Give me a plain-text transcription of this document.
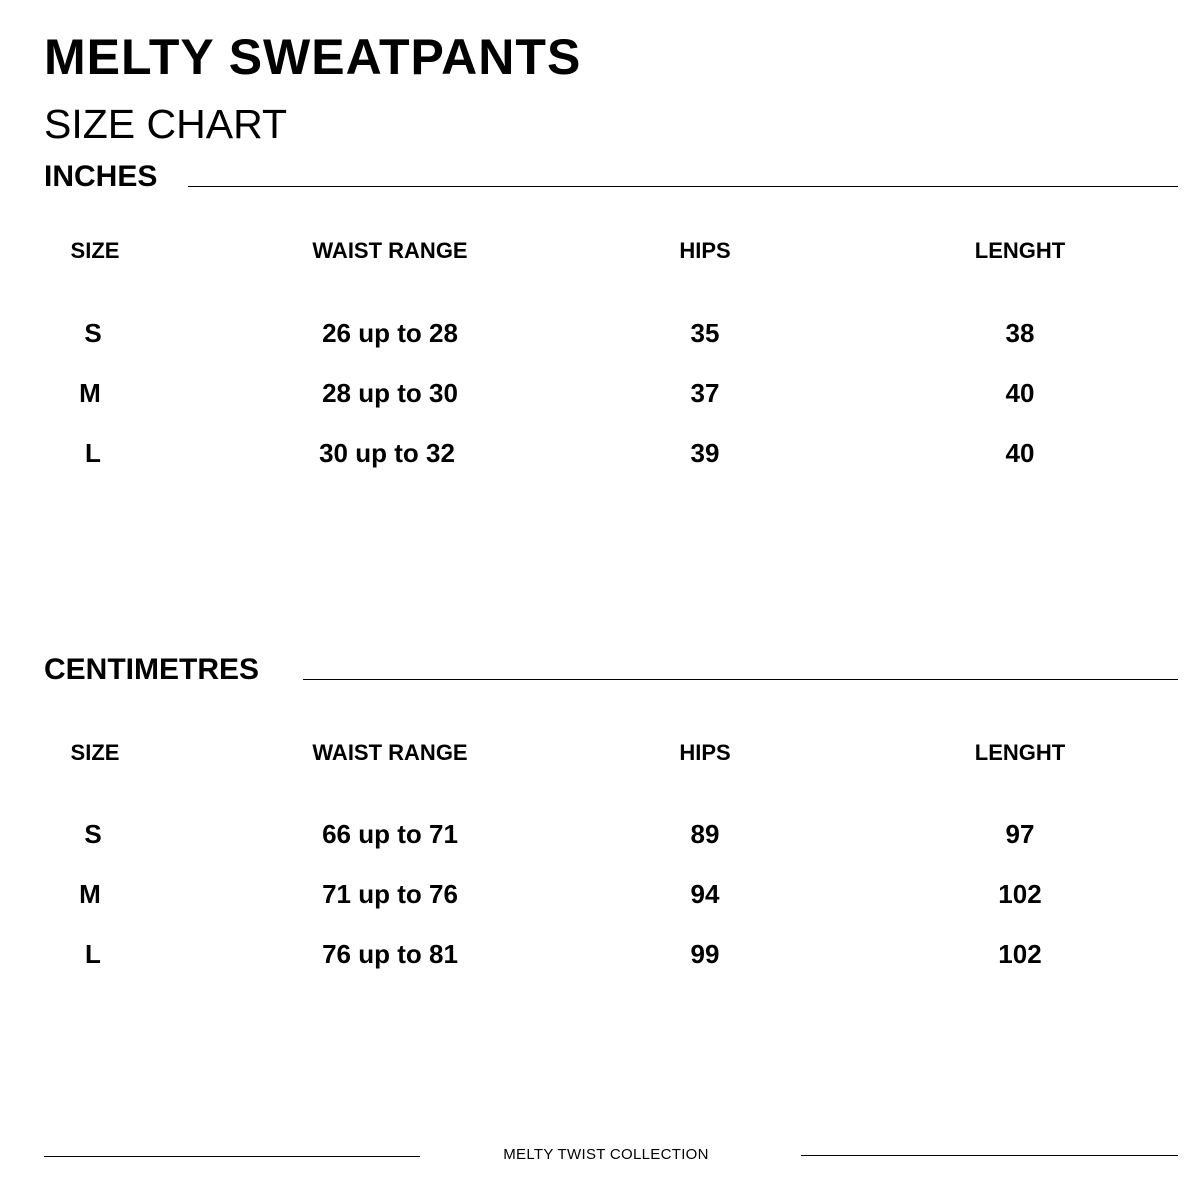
MELTY SWEATPANTS
SIZE CHART
INCHES
SIZE	WAIST RANGE	HIPS	LENGHT
S	26 up to 28	35	38
M	28 up to 30	37	40
L	30 up to 32	39	40
CENTIMETRES
SIZE	WAIST RANGE	HIPS	LENGHT
S	66 up to 71	89	97
M	71 up to 76	94	102
L	76 up to 81	99	102
MELTY TWIST COLLECTION
